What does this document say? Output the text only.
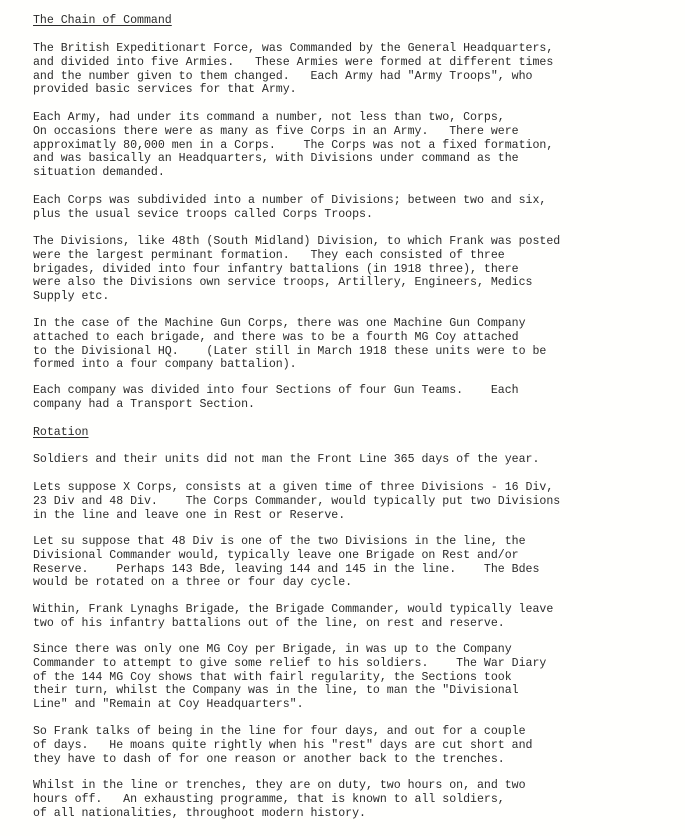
The Chain of Command

The British Expeditionart Force, was Commanded by the General Headquarters,
and divided into five Armies.   These Armies were formed at different times
and the number given to them changed.   Each Army had "Army Troops", who
provided basic services for that Army.

Each Army, had under its command a number, not less than two, Corps,
On occasions there were as many as five Corps in an Army.   There were
approximatly 80,000 men in a Corps.    The Corps was not a fixed formation,
and was basically an Headquarters, with Divisions under command as the
situation demanded.

Each Corps was subdivided into a number of Divisions; between two and six,
plus the usual sevice troops called Corps Troops.

The Divisions, like 48th (South Midland) Division, to which Frank was posted
were the largest perminant formation.   They each consisted of three
brigades, divided into four infantry battalions (in 1918 three), there
were also the Divisions own service troops, Artillery, Engineers, Medics
Supply etc.

In the case of the Machine Gun Corps, there was one Machine Gun Company
attached to each brigade, and there was to be a fourth MG Coy attached
to the Divisional HQ.    (Later still in March 1918 these units were to be
formed into a four company battalion).

Each company was divided into four Sections of four Gun Teams.    Each
company had a Transport Section.

Rotation

Soldiers and their units did not man the Front Line 365 days of the year.

Lets suppose X Corps, consists at a given time of three Divisions - 16 Div,
23 Div and 48 Div.    The Corps Commander, would typically put two Divisions
in the line and leave one in Rest or Reserve.

Let su suppose that 48 Div is one of the two Divisions in the line, the
Divisional Commander would, typically leave one Brigade on Rest and/or
Reserve.    Perhaps 143 Bde, leaving 144 and 145 in the line.    The Bdes
would be rotated on a three or four day cycle.

Within, Frank Lynaghs Brigade, the Brigade Commander, would typically leave
two of his infantry battalions out of the line, on rest and reserve.

Since there was only one MG Coy per Brigade, in was up to the Company
Commander to attempt to give some relief to his soldiers.    The War Diary
of the 144 MG Coy shows that with fairl regularity, the Sections took
their turn, whilst the Company was in the line, to man the "Divisional
Line" and "Remain at Coy Headquarters".

So Frank talks of being in the line for four days, and out for a couple
of days.   He moans quite rightly when his "rest" days are cut short and
they have to dash of for one reason or another back to the trenches.

Whilst in the line or trenches, they are on duty, two hours on, and two
hours off.   An exhausting programme, that is known to all soldiers,
of all nationalities, throughoot modern history.
